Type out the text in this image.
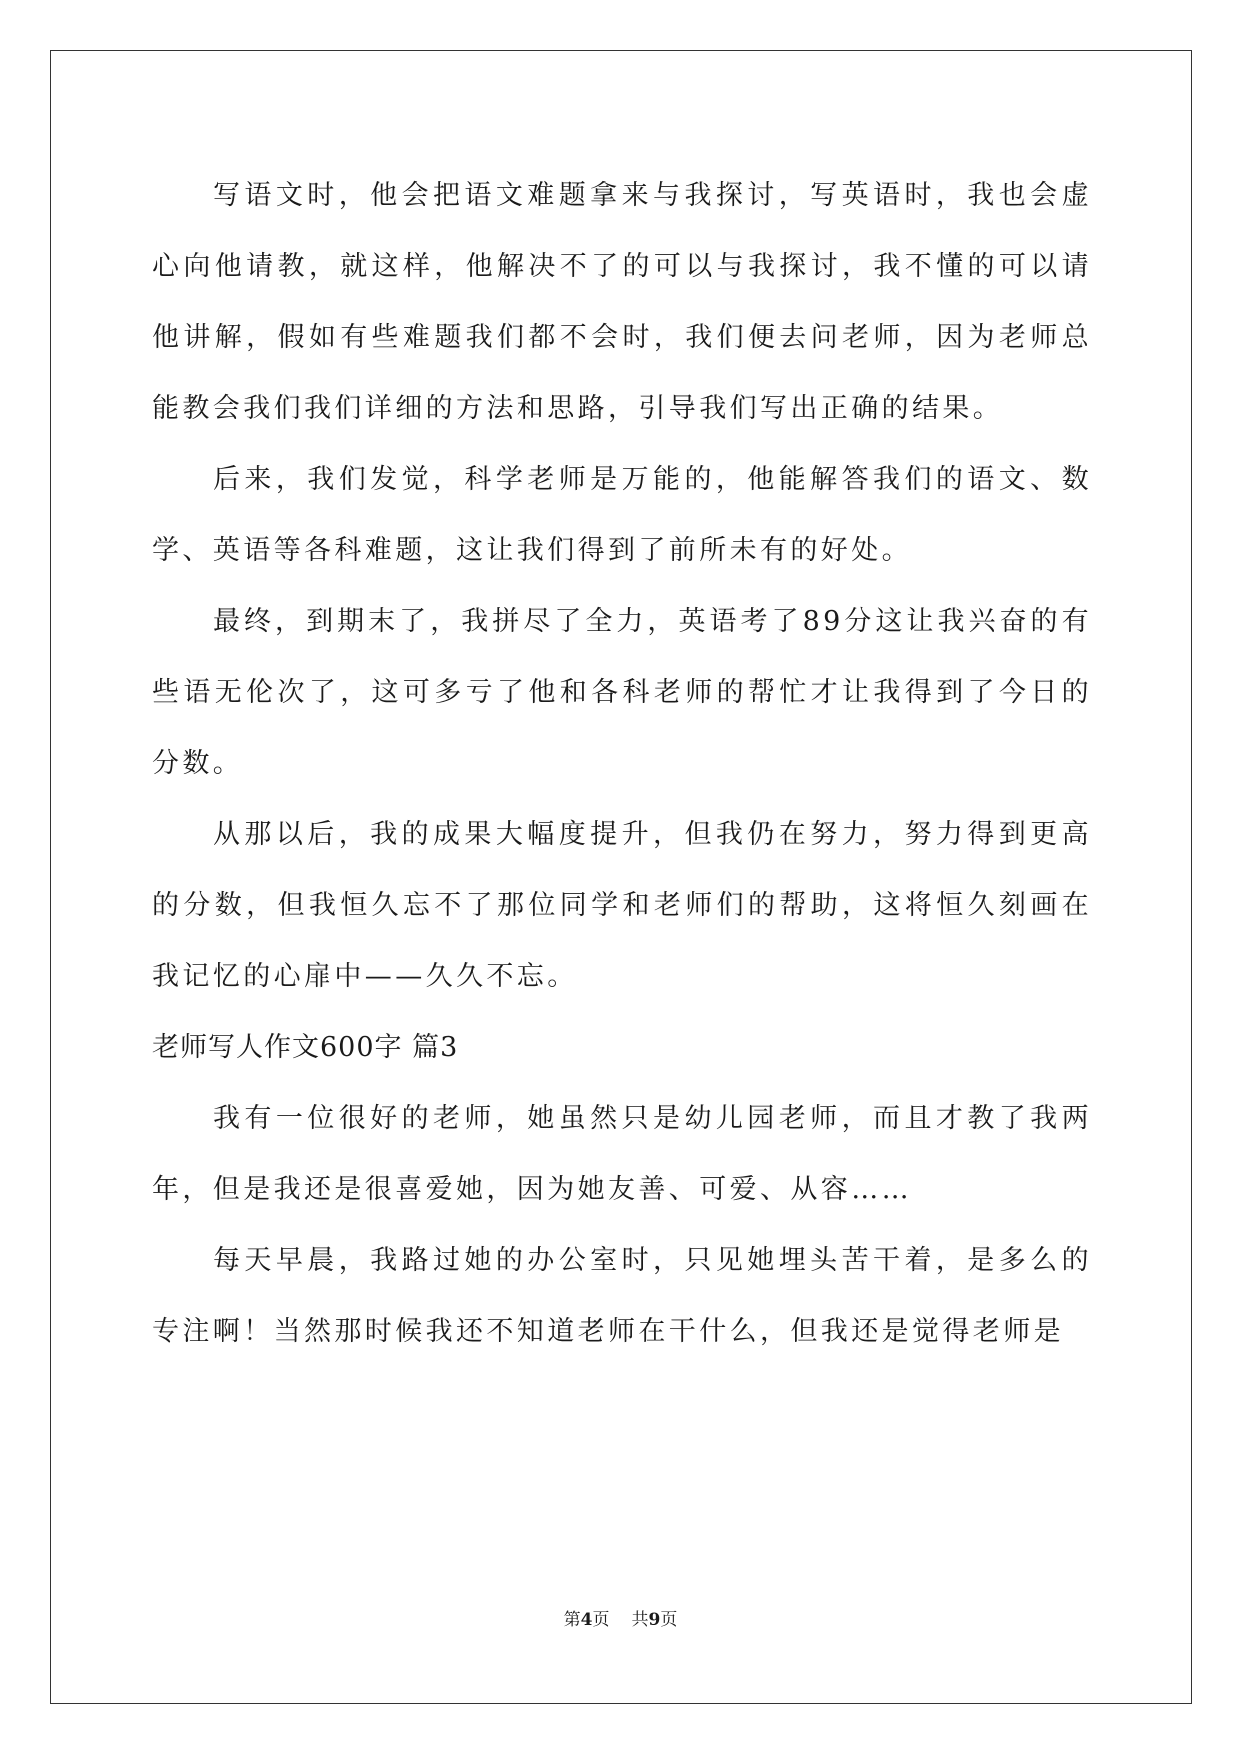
写语文时，他会把语文难题拿来与我探讨，写英语时，我也会虚心向他请教，就这样，他解决不了的可以与我探讨，我不懂的可以请他讲解，假如有些难题我们都不会时，我们便去问老师，因为老师总能教会我们我们详细的方法和思路，引导我们写出正确的结果。

后来，我们发觉，科学老师是万能的，他能解答我们的语文、数学、英语等各科难题，这让我们得到了前所未有的好处。

最终，到期末了，我拼尽了全力，英语考了89分这让我兴奋的有些语无伦次了，这可多亏了他和各科老师的帮忙才让我得到了今日的分数。

从那以后，我的成果大幅度提升，但我仍在努力，努力得到更高的分数，但我恒久忘不了那位同学和老师们的帮助，这将恒久刻画在我记忆的心扉中——久久不忘。

老师写人作文600字 篇3

我有一位很好的老师，她虽然只是幼儿园老师，而且才教了我两年，但是我还是很喜爱她，因为她友善、可爱、从容……

每天早晨，我路过她的办公室时，只见她埋头苦干着，是多么的专注啊！当然那时候我还不知道老师在干什么，但我还是觉得老师是

第4页 共9页
